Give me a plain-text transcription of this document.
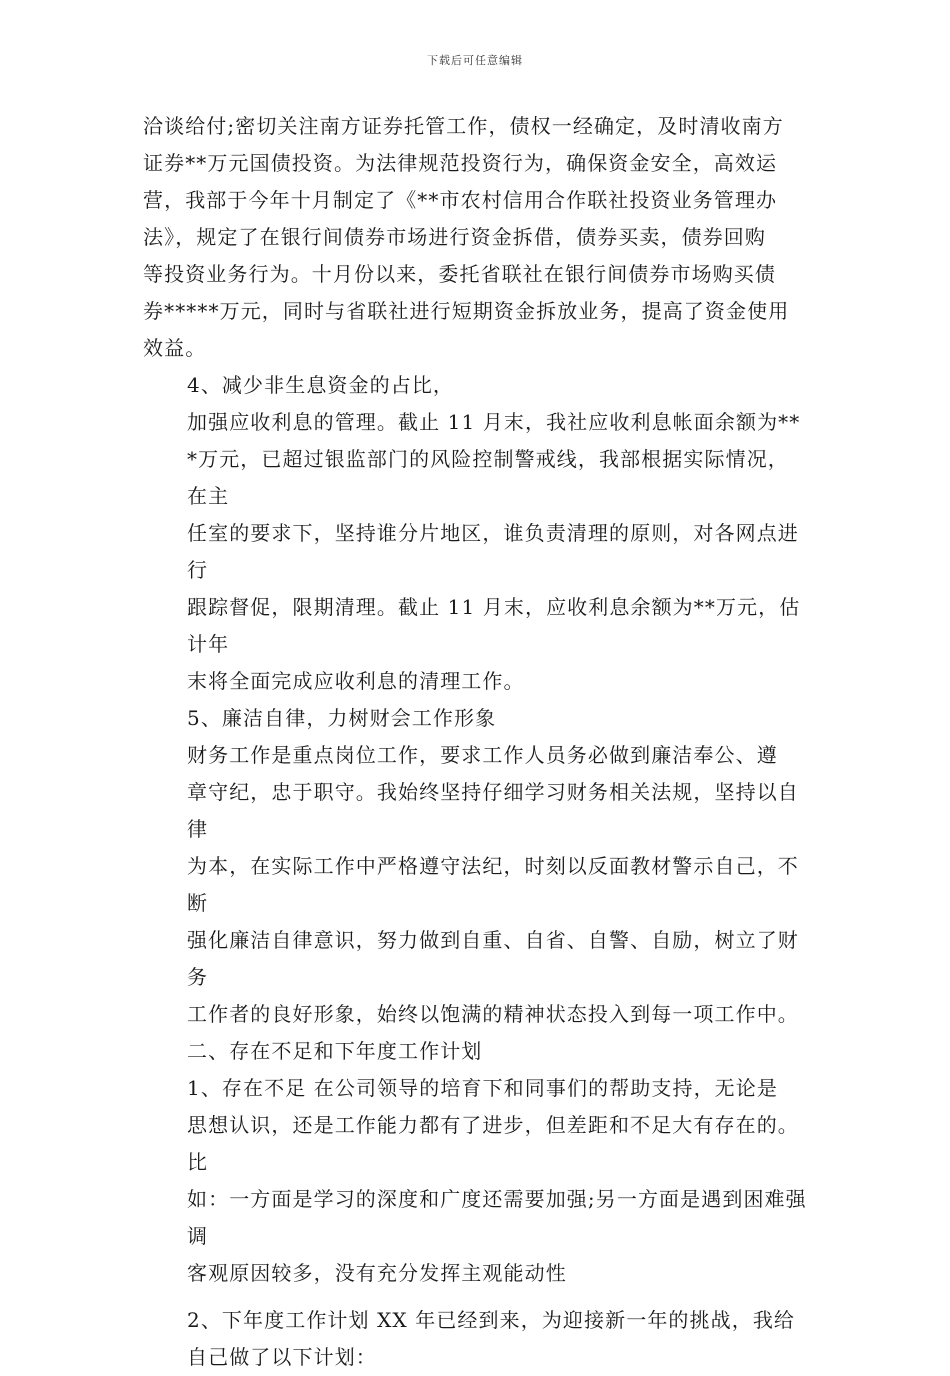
下载后可任意编辑

洽谈给付;密切关注南方证券托管工作，债权一经确定，及时清收南方
证券**万元国债投资。为法律规范投资行为，确保资金安全，高效运
营，我部于今年十月制定了《**市农村信用合作联社投资业务管理办
法》，规定了在银行间债券市场进行资金拆借，债券买卖，债券回购
等投资业务行为。十月份以来，委托省联社在银行间债券市场购买债
券*****万元，同时与省联社进行短期资金拆放业务，提高了资金使用
效益。

4、减少非生息资金的占比，

加强应收利息的管理。截止 11 月末，我社应收利息帐面余额为**
*万元，已超过银监部门的风险控制警戒线，我部根据实际情况，在主
任室的要求下，坚持谁分片地区，谁负责清理的原则，对各网点进行
跟踪督促，限期清理。截止 11 月末，应收利息余额为**万元，估计年
末将全面完成应收利息的清理工作。

5、廉洁自律，力树财会工作形象

财务工作是重点岗位工作，要求工作人员务必做到廉洁奉公、遵
章守纪，忠于职守。我始终坚持仔细学习财务相关法规，坚持以自律
为本，在实际工作中严格遵守法纪，时刻以反面教材警示自己，不断
强化廉洁自律意识，努力做到自重、自省、自警、自励，树立了财务
工作者的良好形象，始终以饱满的精神状态投入到每一项工作中。

二、存在不足和下年度工作计划

1、存在不足 在公司领导的培育下和同事们的帮助支持，无论是
思想认识，还是工作能力都有了进步，但差距和不足大有存在的。比
如：一方面是学习的深度和广度还需要加强;另一方面是遇到困难强调
客观原因较多，没有充分发挥主观能动性

2、下年度工作计划 XX 年已经到来，为迎接新一年的挑战，我给
自己做了以下计划：
